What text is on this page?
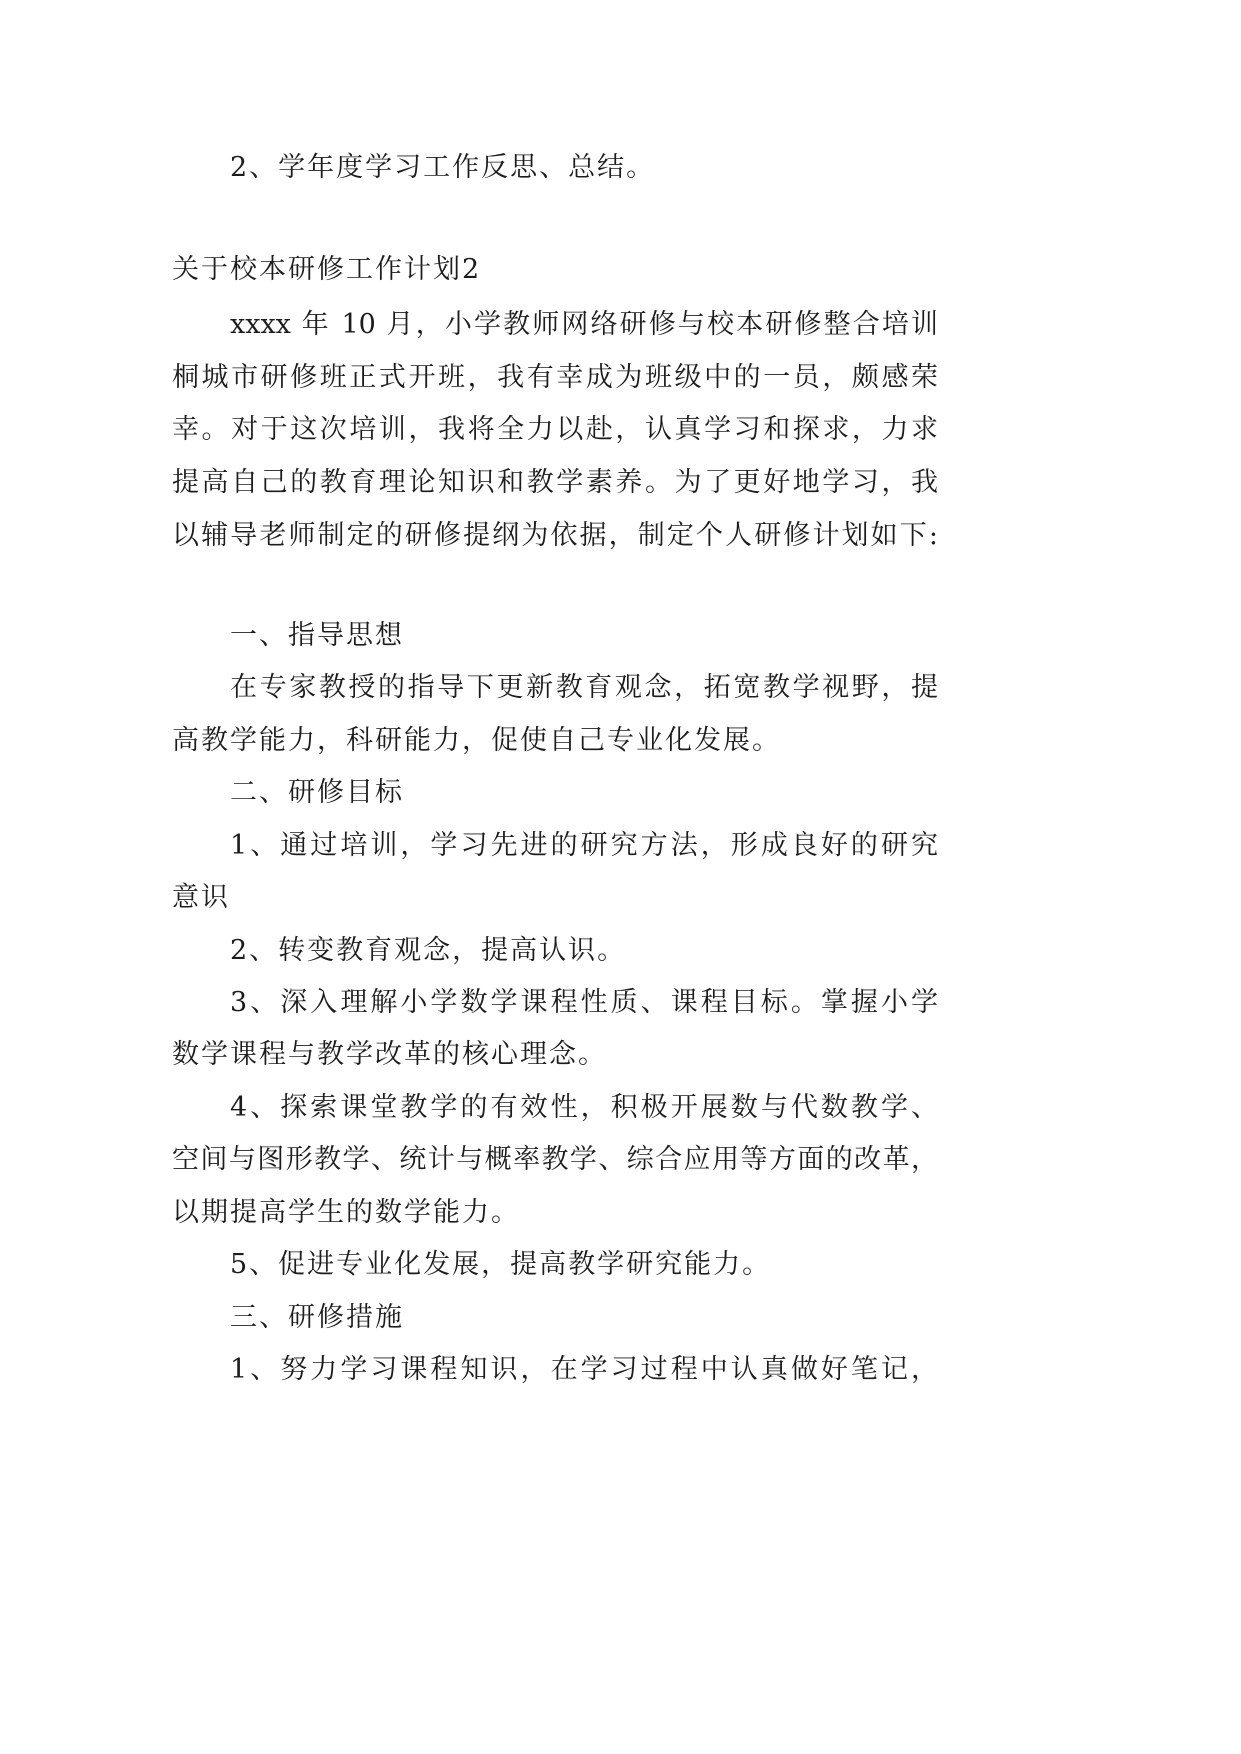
2、学年度学习工作反思、总结。
关于校本研修工作计划2
xxxx 年 10 月，小学教师网络研修与校本研修整合培训
桐城市研修班正式开班，我有幸成为班级中的一员，颇感荣
幸。对于这次培训，我将全力以赴，认真学习和探求，力求
提高自己的教育理论知识和教学素养。为了更好地学习，我
以辅导老师制定的研修提纲为依据，制定个人研修计划如下:
一、指导思想
在专家教授的指导下更新教育观念，拓宽教学视野，提
高教学能力，科研能力，促使自己专业化发展。
二、研修目标
1、通过培训，学习先进的研究方法，形成良好的研究
意识
2、转变教育观念，提高认识。
3、深入理解小学数学课程性质、课程目标。掌握小学
数学课程与教学改革的核心理念。
4、探索课堂教学的有效性，积极开展数与代数教学、
空间与图形教学、统计与概率教学、综合应用等方面的改革，
以期提高学生的数学能力。
5、促进专业化发展，提高教学研究能力。
三、研修措施
1、努力学习课程知识，在学习过程中认真做好笔记，
